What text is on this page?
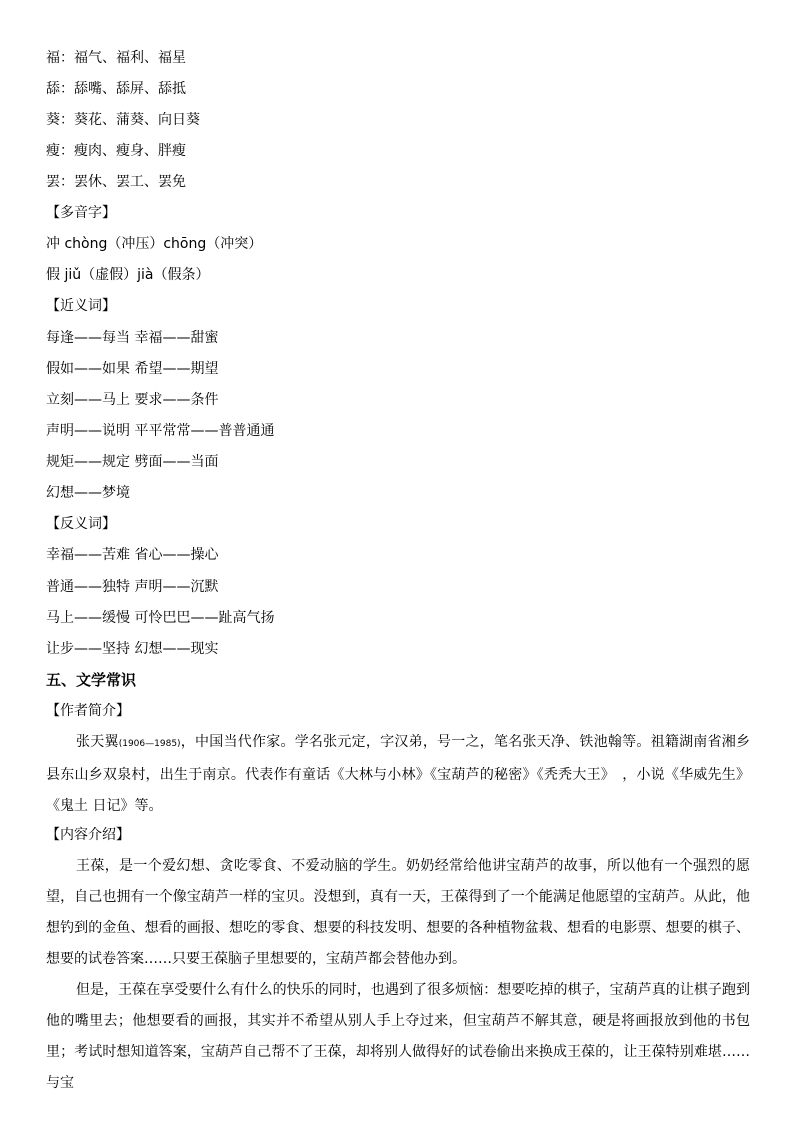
福：福气、福利、福星
舔：舔嘴、舔屏、舔抵
葵：葵花、蒲葵、向日葵
瘦：瘦肉、瘦身、胖瘦
罢：罢休、罢工、罢免
【多音字】
冲 chòng（冲压）chōng（冲突）
假 jiǔ（虚假）jià（假条）
【近义词】
每逢——每当 幸福——甜蜜
假如——如果 希望——期望
立刻——马上 要求——条件
声明——说明 平平常常——普普通通
规矩——规定 劈面——当面
幻想——梦境
【反义词】
幸福——苦难 省心——操心
普通——独特 声明——沉默
马上——缓慢 可怜巴巴——趾高气扬
让步——坚持 幻想——现实
五、文学常识
【作者简介】

张天翼(1906—1985)，中国当代作家。学名张元定，字汉弟，号一之，笔名张天净、铁池翰等。祖籍湖南省湘乡县东山乡双泉村，出生于南京。代表作有童话《大林与小林》《宝葫芦的秘密》《秃秃大王》　，小说《华威先生》《鬼土 日记》等。

【内容介绍】

王葆，是一个爱幻想、贪吃零食、不爱动脑的学生。奶奶经常给他讲宝葫芦的故事，所以他有一个强烈的愿望，自己也拥有一个像宝葫芦一样的宝贝。没想到，真有一天，王葆得到了一个能满足他愿望的宝葫芦。从此，他想钓到的金鱼、想看的画报、想吃的零食、想要的科技发明、想要的各种植物盆栽、想看的电影票、想要的棋子、想要的试卷答案……只要王葆脑子里想要的，宝葫芦都会替他办到。

但是，王葆在享受要什么有什么的快乐的同时，也遇到了很多烦恼：想要吃掉的棋子，宝葫芦真的让棋子跑到他的嘴里去；他想要看的画报，其实并不希望从别人手上夺过来，但宝葫芦不解其意，硬是将画报放到他的书包里；考试时想知道答案，宝葫芦自己帮不了王葆，却将别人做得好的试卷偷出来换成王葆的，让王葆特别难堪……与宝
